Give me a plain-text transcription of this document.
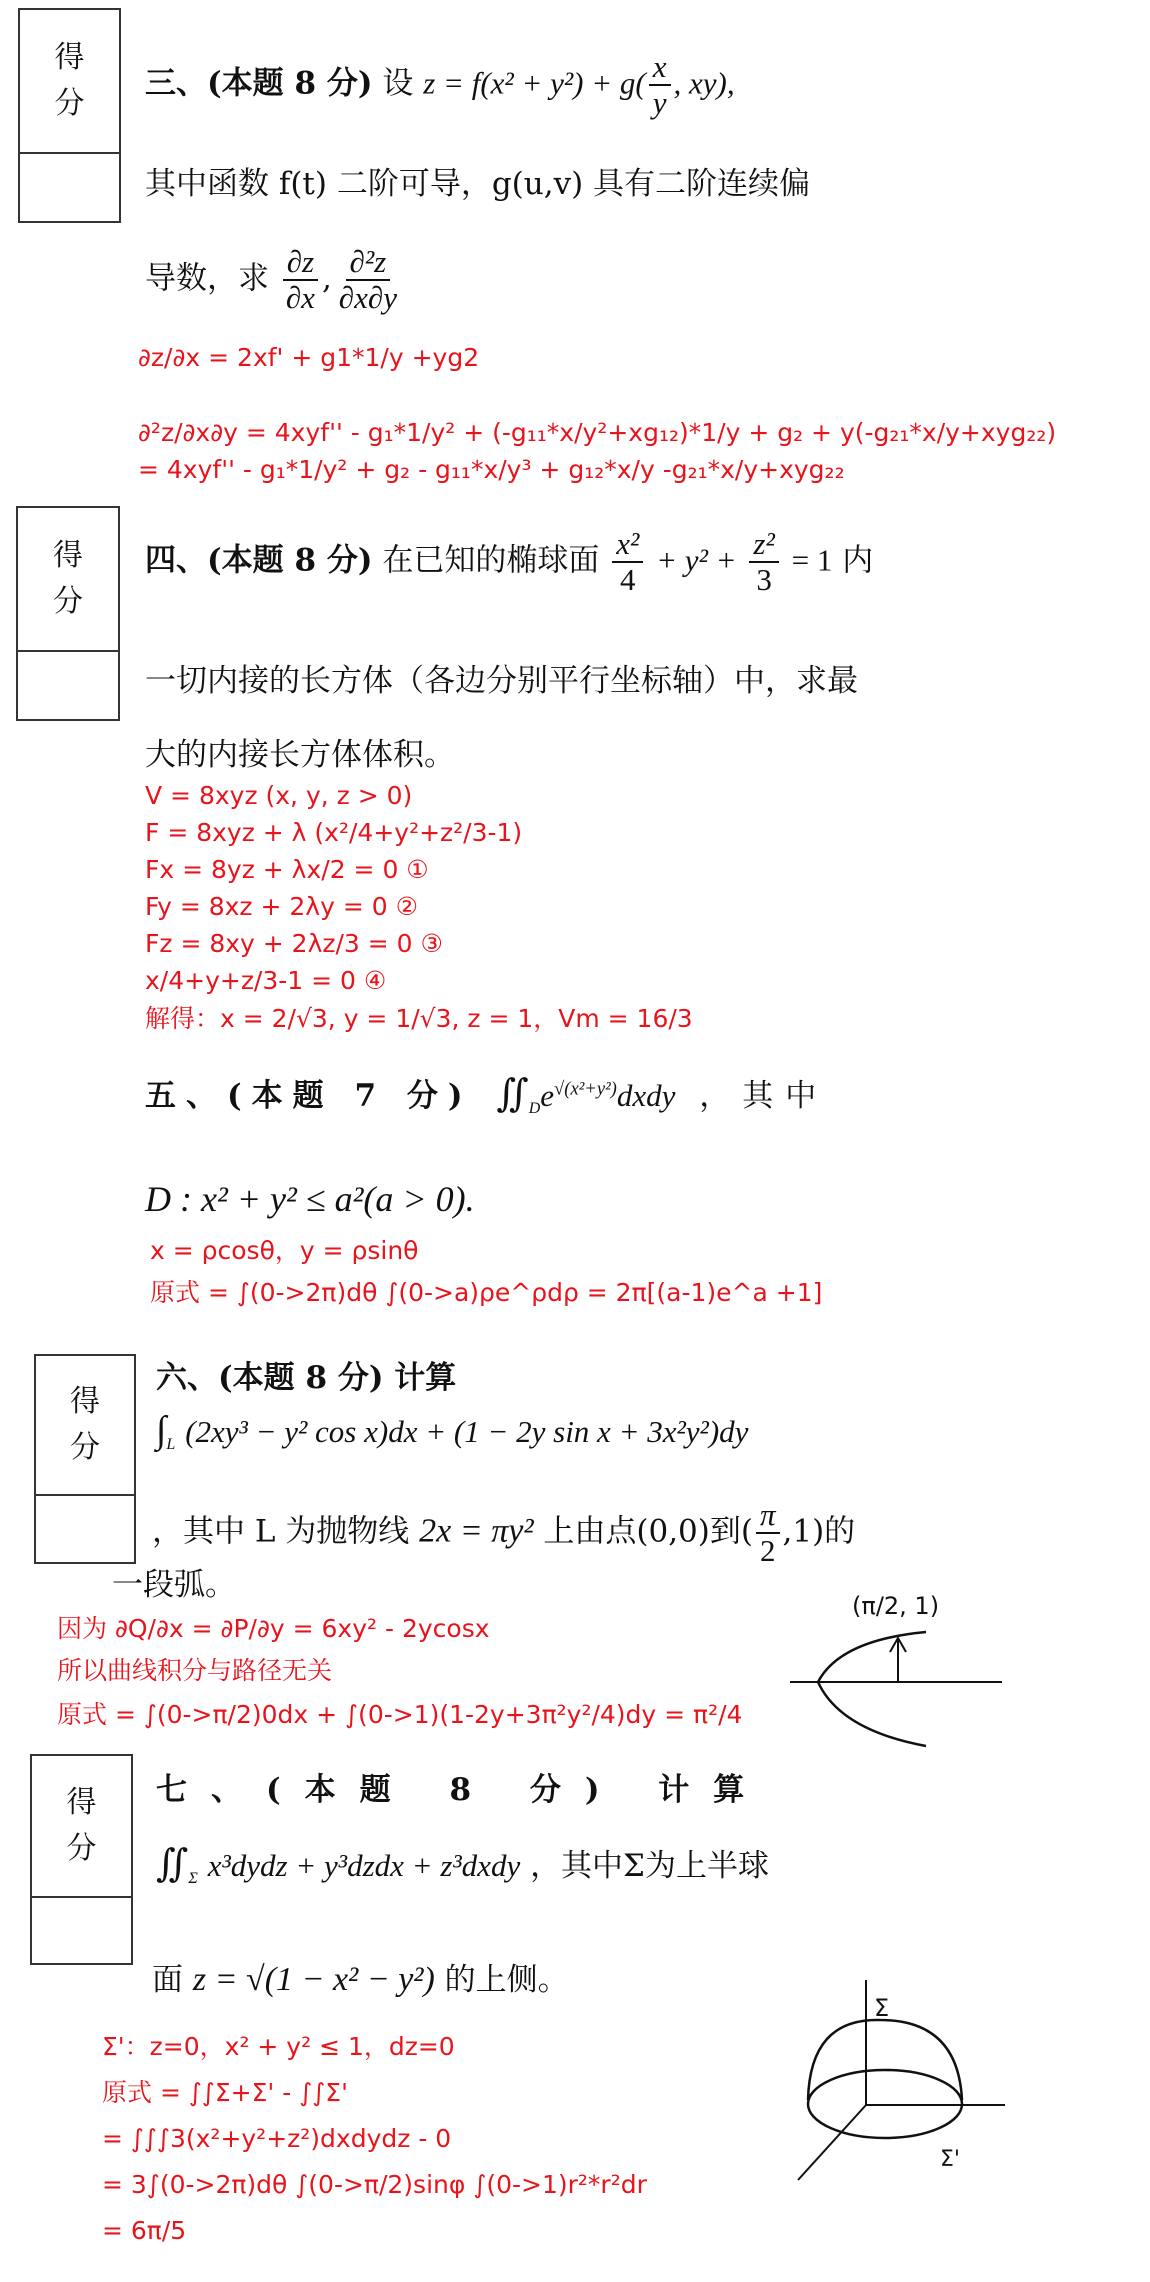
得
分
得
分
得
分
得
分
三、(本题 8 分) 设 $z = f(x^2 + y^2) + g( \frac{x}{y}$ , xy),
其中函数 f(t) 二阶可导，g(u,v) 具有二阶连续偏
导数，求 $\frac{\partial z}{\partial x}$ , $\frac{\text{∂²z}}{\partial x\partial y}$
∂z/∂x = 2xf' + g1*1/y +yg2
∂²z/∂x∂y = 4xyf'' - g₁*1/y² + (-g₁₁*x/y²+xg₁₂)*1/y + g₂ + y(-g₂₁*x/y+xyg₂₂)
= 4xyf'' - g₁*1/y² + g₂ - g₁₁*x/y³ + g₁₂*x/y -g₂₁*x/y+xyg₂₂
四、(本题 8 分) 在已知的椭球面 $\frac{\text{x²}}{4} + y^2 + \frac{\text{z²}}{3} = 1$ 内
一切内接的长方体（各边分别平行坐标轴）中，求最
大的内接长方体体积。
V = 8xyz (x, y, z > 0)
F = 8xyz + λ (x²/4+y²+z²/3-1)
Fx = 8yz + λx/2 = 0 ①
Fy = 8xz + 2λy = 0 ②
Fz = 8xy + 2λz/3 = 0 ③
x/4+y+z/3-1 = 0 ④
解得：x = 2/√3, y = 1/√3, z = 1，Vm = 16/3
五、(本题 7 分) $∬_De^{√(x^2+y^2)}dxdy$ ，其中
D : x² + y² ≤ a²(a > 0).
x = ρcosθ，y = ρsinθ
原式 = ∫(0->2π)dθ ∫(0->a)ρe^ρdρ = 2π[(a-1)e^a +1]
六、(本题 8 分) 计算
$\int_L$ (2xy³ − y² cos x)dx + (1 − 2y sin x + 3x²y²)dy
，其中 L 为抛物线 2x = πy² 上由点(0,0)到( $\frac{\pi}{2} ,1$)的
一段弧。
因为 ∂Q/∂x = ∂P/∂y = 6xy² - 2ycosx
所以曲线积分与路径无关
原式 = ∫(0->π/2)0dx + ∫(0->1)(1-2y+3π²y²/4)dy = π²/4
(π/2, 1)
七、(本题 8 分) 计算
$∬_\Sigma$ x³dydz + y³dzdx + z³dxdy ，其中Σ为上半球
面 z = √(1 − x² − y²) 的上侧。
Σ'：z=0，x² + y² ≤ 1，dz=0
原式 = ∫∫Σ+Σ' - ∫∫Σ'
= ∫∫∫3(x²+y²+z²)dxdydz - 0
= 3∫(0->2π)dθ ∫(0->π/2)sinφ ∫(0->1)r²*r²dr
= 6π/5
Σ
Σ'
